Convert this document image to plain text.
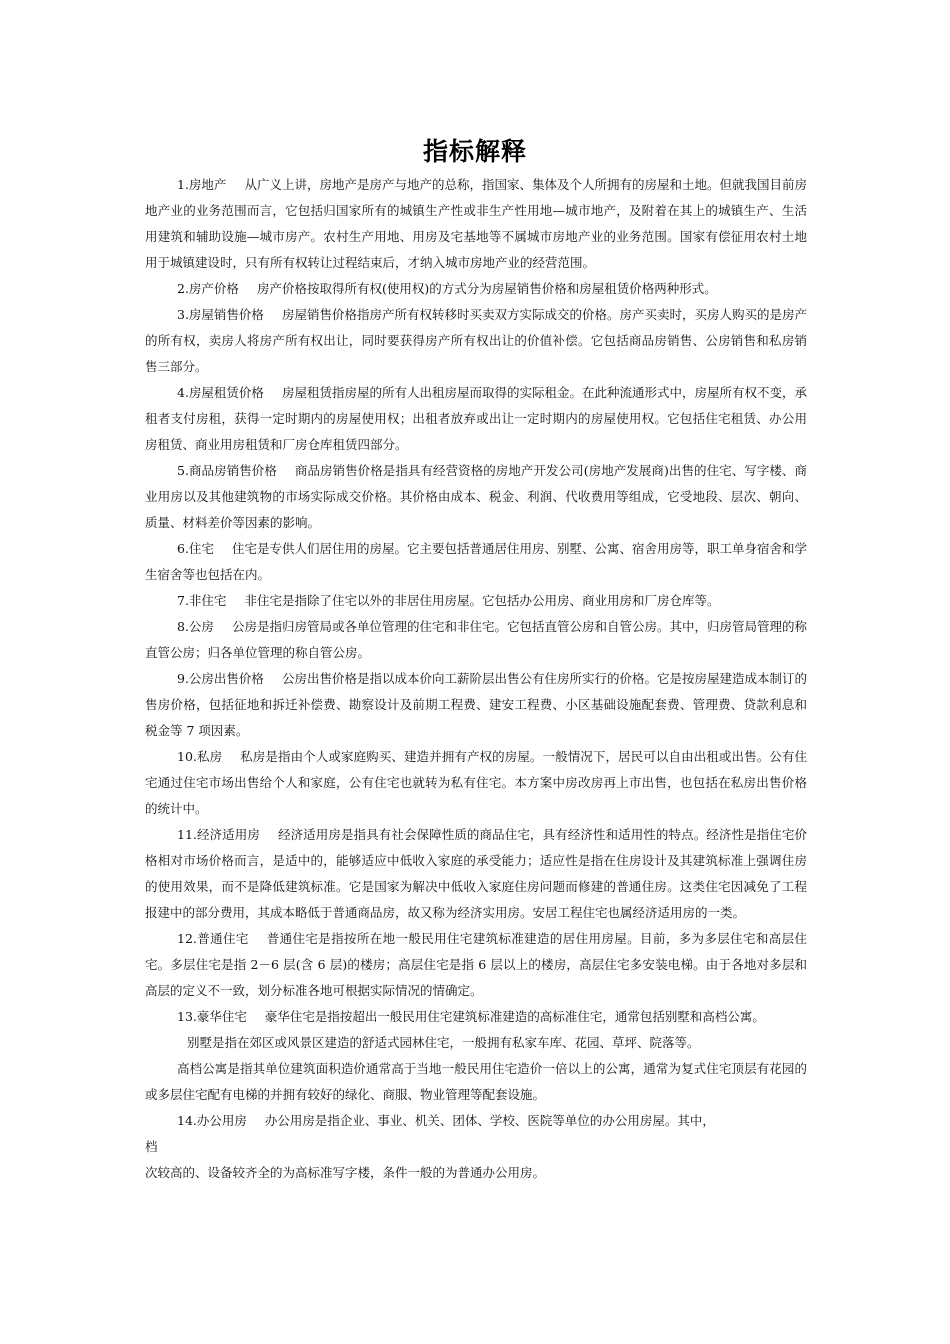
指标解释

1.房地产 从广义上讲，房地产是房产与地产的总称，指国家、集体及个人所拥有的房屋和土地。但就我国目前房地产业的业务范围而言，它包括归国家所有的城镇生产性或非生产性用地—城市地产，及附着在其上的城镇生产、生活用建筑和辅助设施—城市房产。农村生产用地、用房及宅基地等不属城市房地产业的业务范围。国家有偿征用农村土地用于城镇建设时，只有所有权转让过程结束后，才纳入城市房地产业的经营范围。

2.房产价格 房产价格按取得所有权(使用权)的方式分为房屋销售价格和房屋租赁价格两种形式。

3.房屋销售价格 房屋销售价格指房产所有权转移时买卖双方实际成交的价格。房产买卖时，买房人购买的是房产的所有权，卖房人将房产所有权出让，同时要获得房产所有权出让的价值补偿。它包括商品房销售、公房销售和私房销售三部分。

4.房屋租赁价格 房屋租赁指房屋的所有人出租房屋而取得的实际租金。在此种流通形式中，房屋所有权不变，承租者支付房租，获得一定时期内的房屋使用权；出租者放弃或出让一定时期内的房屋使用权。它包括住宅租赁、办公用房租赁、商业用房租赁和厂房仓库租赁四部分。

5.商品房销售价格 商品房销售价格是指具有经营资格的房地产开发公司(房地产发展商)出售的住宅、写字楼、商业用房以及其他建筑物的市场实际成交价格。其价格由成本、税金、利润、代收费用等组成，它受地段、层次、朝向、质量、材料差价等因素的影响。

6.住宅 住宅是专供人们居住用的房屋。它主要包括普通居住用房、别墅、公寓、宿舍用房等，职工单身宿舍和学生宿舍等也包括在内。

7.非住宅 非住宅是指除了住宅以外的非居住用房屋。它包括办公用房、商业用房和厂房仓库等。

8.公房 公房是指归房管局或各单位管理的住宅和非住宅。它包括直管公房和自管公房。其中，归房管局管理的称直管公房；归各单位管理的称自管公房。

9.公房出售价格 公房出售价格是指以成本价向工薪阶层出售公有住房所实行的价格。它是按房屋建造成本制订的售房价格，包括征地和拆迁补偿费、勘察设计及前期工程费、建安工程费、小区基础设施配套费、管理费、贷款利息和税金等 7 项因素。

10.私房 私房是指由个人或家庭购买、建造并拥有产权的房屋。一般情况下，居民可以自由出租或出售。公有住宅通过住宅市场出售给个人和家庭，公有住宅也就转为私有住宅。本方案中房改房再上市出售，也包括在私房出售价格的统计中。

11.经济适用房 经济适用房是指具有社会保障性质的商品住宅，具有经济性和适用性的特点。经济性是指住宅价格相对市场价格而言，是适中的，能够适应中低收入家庭的承受能力；适应性是指在住房设计及其建筑标准上强调住房的使用效果，而不是降低建筑标准。它是国家为解决中低收入家庭住房问题而修建的普通住房。这类住宅因减免了工程报建中的部分费用，其成本略低于普通商品房，故又称为经济实用房。安居工程住宅也属经济适用房的一类。

12.普通住宅 普通住宅是指按所在地一般民用住宅建筑标准建造的居住用房屋。目前，多为多层住宅和高层住宅。多层住宅是指 2－6 层(含 6 层)的楼房；高层住宅是指 6 层以上的楼房，高层住宅多安装电梯。由于各地对多层和高层的定义不一致，划分标准各地可根据实际情况的情确定。

13.豪华住宅 豪华住宅是指按超出一般民用住宅建筑标准建造的高标准住宅，通常包括别墅和高档公寓。

别墅是指在郊区或风景区建造的舒适式园林住宅，一般拥有私家车库、花园、草坪、院落等。

高档公寓是指其单位建筑面积造价通常高于当地一般民用住宅造价一倍以上的公寓，通常为复式住宅顶层有花园的或多层住宅配有电梯的并拥有较好的绿化、商服、物业管理等配套设施。

14.办公用房 办公用房是指企业、事业、机关、团体、学校、医院等单位的办公用房屋。其中，

档

次较高的、设备较齐全的为高标准写字楼，条件一般的为普通办公用房。
